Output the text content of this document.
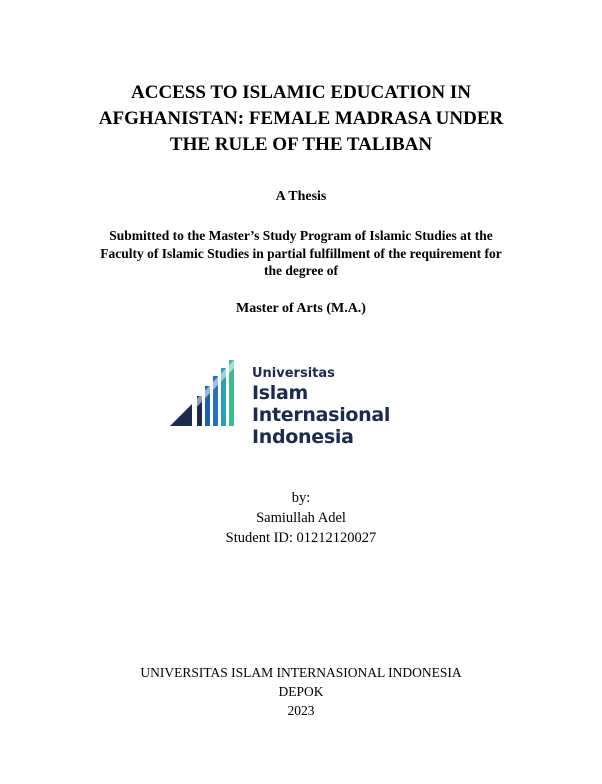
ACCESS TO ISLAMIC EDUCATION IN
AFGHANISTAN: FEMALE MADRASA UNDER
THE RULE OF THE TALIBAN
A Thesis
Submitted to the Master’s Study Program of Islamic Studies at the
Faculty of Islamic Studies in partial fulfillment of the requirement for
the degree of
Master of Arts (M.A.)
Universitas
Islam Internasional
Indonesia
by:
Samiullah Adel
Student ID: 01212120027
UNIVERSITAS ISLAM INTERNASIONAL INDONESIA
DEPOK
2023
